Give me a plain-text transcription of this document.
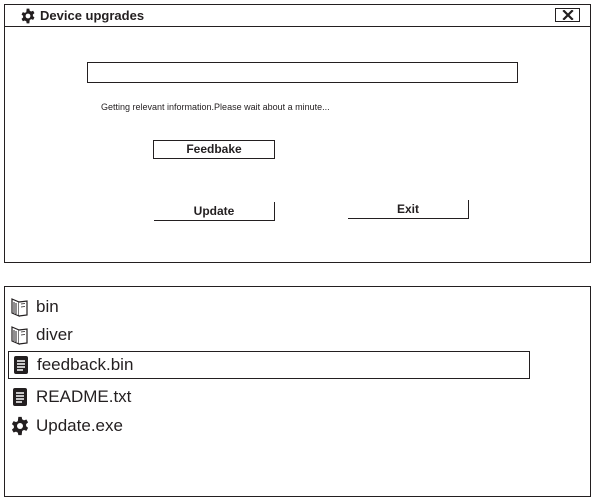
Device upgrades
Getting relevant information.Please wait about a minute...
Feedbake
Update	Exit
bin
diver
feedback.bin
README.txt
Update.exe
